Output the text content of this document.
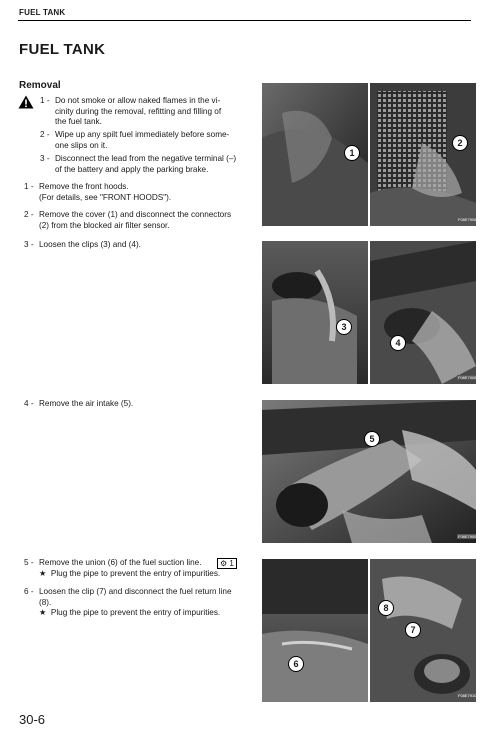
FUEL TANK
FUEL TANK
Removal
1 - Do not smoke or allow naked flames in the vi-
cinity during the removal, refitting and filling of
the fuel tank.
2 - Wipe up any spilt fuel immediately before some-
one slips on it.
3 - Disconnect the lead from the negative terminal (–)
of the battery and apply the parking brake.
1 - Remove the front hoods.
(For details, see "FRONT HOODS").
2 - Remove the cover (1) and disconnect the connectors
(2) from the blocked air filter sensor.
3 - Loosen the clips (3) and (4).
4 - Remove the air intake (5).
5 - Remove the union (6) of the fuel suction line.
★ Plug the pipe to prevent the entry of impurities.
⚙ 1
6 - Loosen the clip (7) and disconnect the fuel return line
(8).
★ Plug the pipe to prevent the entry of impurities.
1
2
F08E7908
3
4
F08E7908
5
F08E7909
6
7
8
F08E7910
30-6
